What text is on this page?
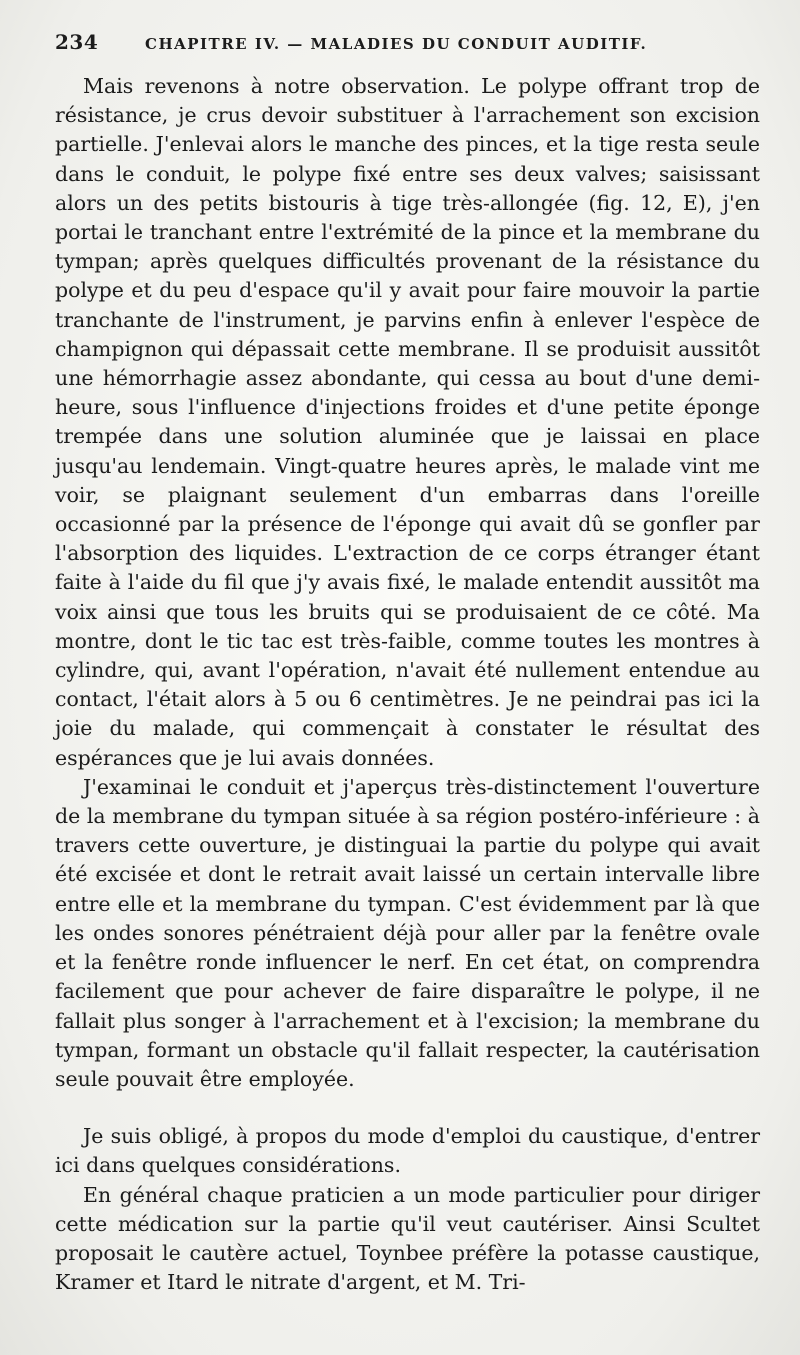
234	CHAPITRE IV. — MALADIES DU CONDUIT AUDITIF.

Mais revenons à notre observation. Le polype offrant trop de résistance, je crus devoir substituer à l'arrachement son excision partielle. J'enlevai alors le manche des pinces, et la tige resta seule dans le conduit, le polype fixé entre ses deux valves; saisissant alors un des petits bistouris à tige très-allongée (fig. 12, E), j'en portai le tranchant entre l'extrémité de la pince et la membrane du tympan; après quelques difficultés provenant de la résistance du polype et du peu d'espace qu'il y avait pour faire mouvoir la partie tranchante de l'instrument, je parvins enfin à enlever l'espèce de champignon qui dépassait cette membrane. Il se produisit aussitôt une hémorrhagie assez abondante, qui cessa au bout d'une demi-heure, sous l'influence d'injections froides et d'une petite éponge trempée dans une solution aluminée que je laissai en place jusqu'au lendemain. Vingt-quatre heures après, le malade vint me voir, se plaignant seulement d'un embarras dans l'oreille occasionné par la présence de l'éponge qui avait dû se gonfler par l'absorption des liquides. L'extraction de ce corps étranger étant faite à l'aide du fil que j'y avais fixé, le malade entendit aussitôt ma voix ainsi que tous les bruits qui se produisaient de ce côté. Ma montre, dont le tic tac est très-faible, comme toutes les montres à cylindre, qui, avant l'opération, n'avait été nullement entendue au contact, l'était alors à 5 ou 6 centimètres. Je ne peindrai pas ici la joie du malade, qui commençait à constater le résultat des espérances que je lui avais données.

J'examinai le conduit et j'aperçus très-distinctement l'ouverture de la membrane du tympan située à sa région postéro-inférieure : à travers cette ouverture, je distinguai la partie du polype qui avait été excisée et dont le retrait avait laissé un certain intervalle libre entre elle et la membrane du tympan. C'est évidemment par là que les ondes sonores pénétraient déjà pour aller par la fenêtre ovale et la fenêtre ronde influencer le nerf. En cet état, on comprendra facilement que pour achever de faire disparaître le polype, il ne fallait plus songer à l'arrachement et à l'excision; la membrane du tympan, formant un obstacle qu'il fallait respecter, la cautérisation seule pouvait être employée.

Je suis obligé, à propos du mode d'emploi du caustique, d'entrer ici dans quelques considérations.

En général chaque praticien a un mode particulier pour diriger cette médication sur la partie qu'il veut cautériser. Ainsi Scultet proposait le cautère actuel, Toynbee préfère la potasse caustique, Kramer et Itard le nitrate d'argent, et M. Tri-
